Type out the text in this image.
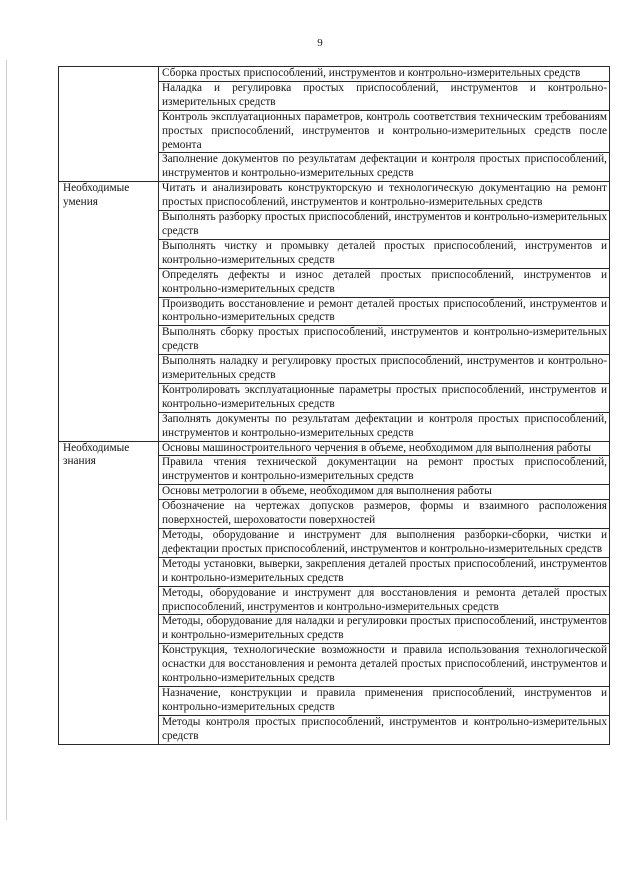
9
	Сборка простых приспособлений, инструментов и контрольно-измерительных средств
	Наладка и регулировка простых приспособлений, инструментов и контрольно-измерительных средств
	Контроль эксплуатационных параметров, контроль соответствия техническим требованиям простых приспособлений, инструментов и контрольно-измерительных средств после ремонта
	Заполнение документов по результатам дефектации и контроля простых приспособлений, инструментов и контрольно-измерительных средств

Необходимые умения	Читать и анализировать конструкторскую и технологическую документацию на ремонт простых приспособлений, инструментов и контрольно-измерительных средств
	Выполнять разборку простых приспособлений, инструментов и контрольно-измерительных средств
	Выполнять чистку и промывку деталей простых приспособлений, инструментов и контрольно-измерительных средств
	Определять дефекты и износ деталей простых приспособлений, инструментов и контрольно-измерительных средств
	Производить восстановление и ремонт деталей простых приспособлений, инструментов и контрольно-измерительных средств
	Выполнять сборку простых приспособлений, инструментов и контрольно-измерительных средств
	Выполнять наладку и регулировку простых приспособлений, инструментов и контрольно-измерительных средств
	Контролировать эксплуатационные параметры простых приспособлений, инструментов и контрольно-измерительных средств
	Заполнять документы по результатам дефектации и контроля простых приспособлений, инструментов и контрольно-измерительных средств

Необходимые знания	Основы машиностроительного черчения в объеме, необходимом для выполнения работы
	Правила чтения технической документации на ремонт простых приспособлений, инструментов и контрольно-измерительных средств
	Основы метрологии в объеме, необходимом для выполнения работы
	Обозначение на чертежах допусков размеров, формы и взаимного расположения поверхностей, шероховатости поверхностей
	Методы, оборудование и инструмент для выполнения разборки-сборки, чистки и дефектации простых приспособлений, инструментов и контрольно-измерительных средств
	Методы установки, выверки, закрепления деталей простых приспособлений, инструментов и контрольно-измерительных средств
	Методы, оборудование и инструмент для восстановления и ремонта деталей простых приспособлений, инструментов и контрольно-измерительных средств
	Методы, оборудование для наладки и регулировки простых приспособлений, инструментов и контрольно-измерительных средств
	Конструкция, технологические возможности и правила использования технологической оснастки для восстановления и ремонта деталей простых приспособлений, инструментов и контрольно-измерительных средств
	Назначение, конструкции и правила применения приспособлений, инструментов и контрольно-измерительных средств
	Методы контроля простых приспособлений, инструментов и контрольно-измерительных средств
